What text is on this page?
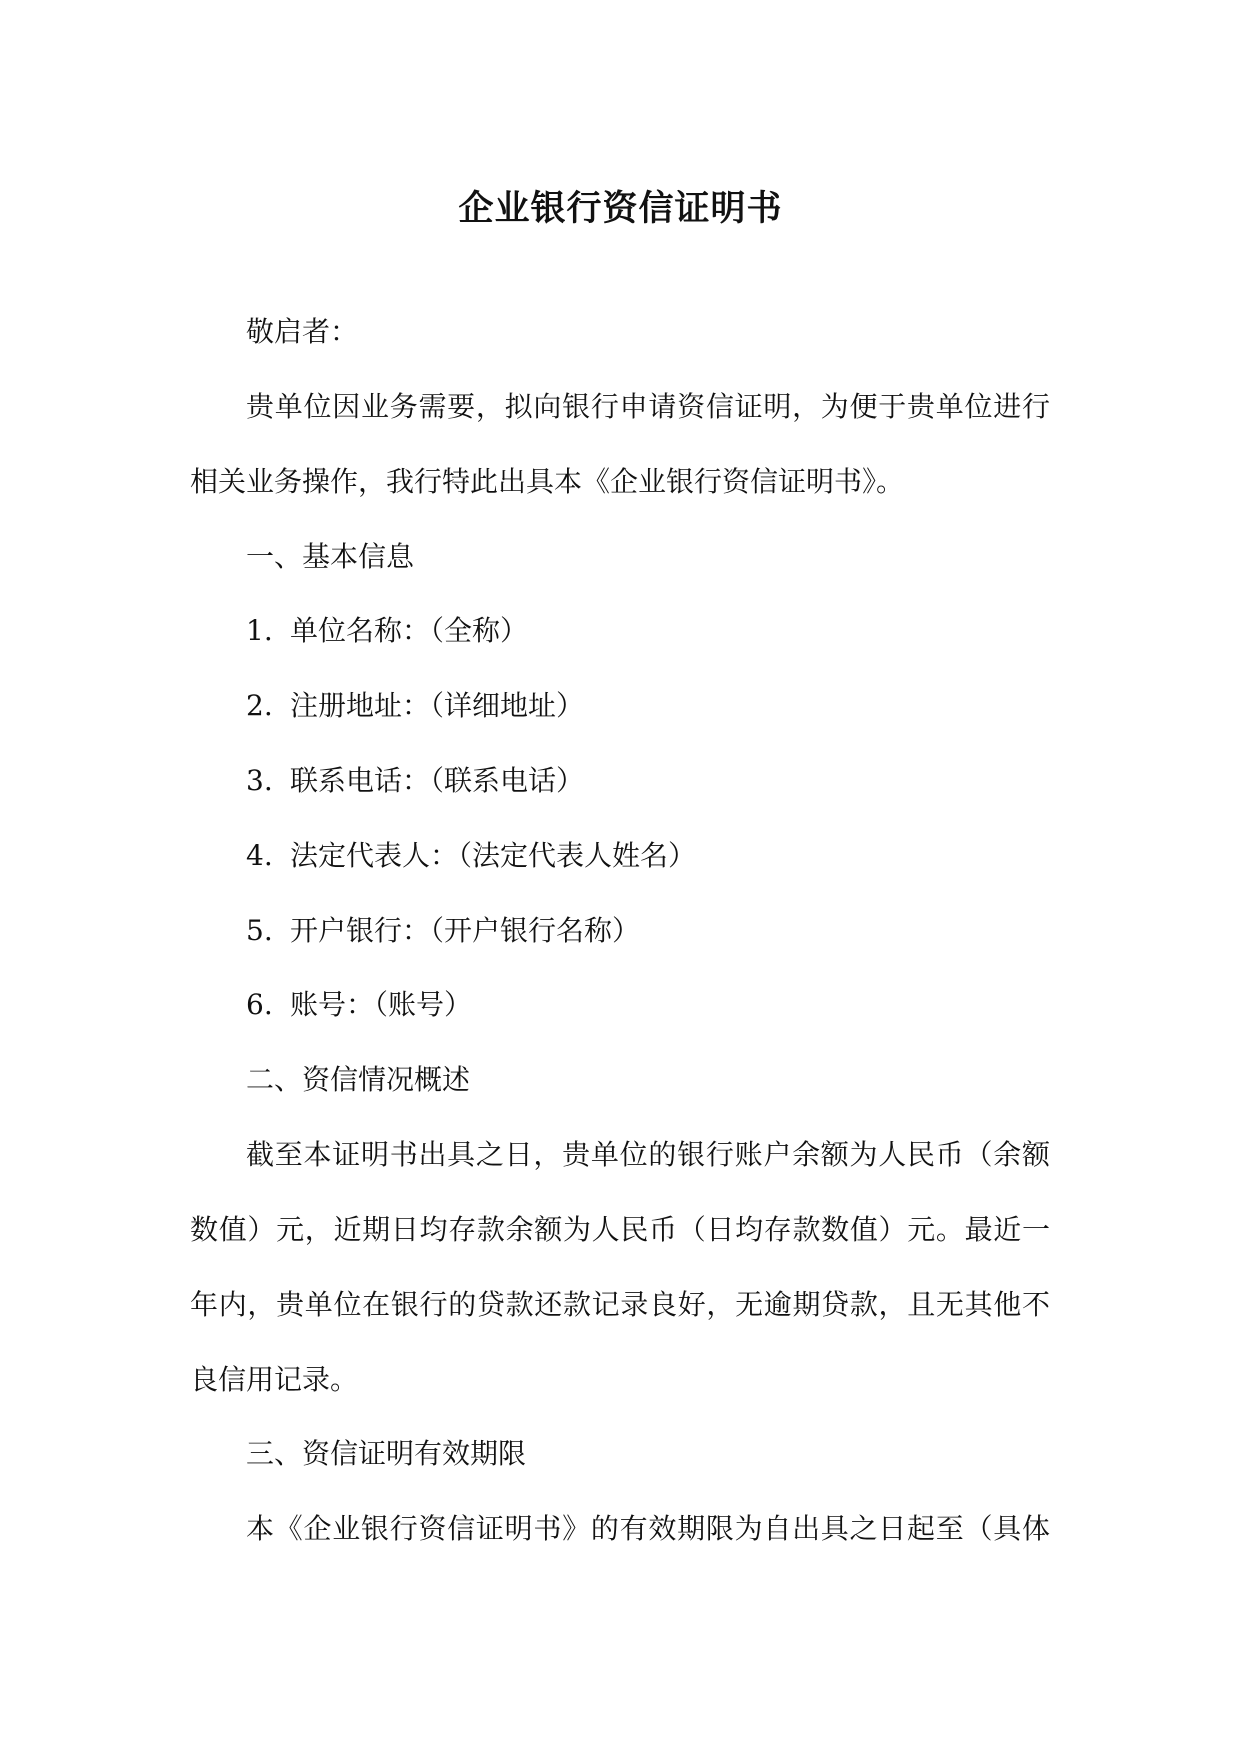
企业银行资信证明书
敬启者：
贵单位因业务需要，拟向银行申请资信证明，为便于贵单位进行
相关业务操作，我行特此出具本《企业银行资信证明书》。
一、基本信息
1. 单位名称：（全称）
2. 注册地址：（详细地址）
3. 联系电话：（联系电话）
4. 法定代表人：（法定代表人姓名）
5. 开户银行：（开户银行名称）
6. 账号：（账号）
二、资信情况概述
截至本证明书出具之日，贵单位的银行账户余额为人民币（余额
数值）元，近期日均存款余额为人民币（日均存款数值）元。最近一
年内，贵单位在银行的贷款还款记录良好，无逾期贷款，且无其他不
良信用记录。
三、资信证明有效期限
本《企业银行资信证明书》的有效期限为自出具之日起至（具体
